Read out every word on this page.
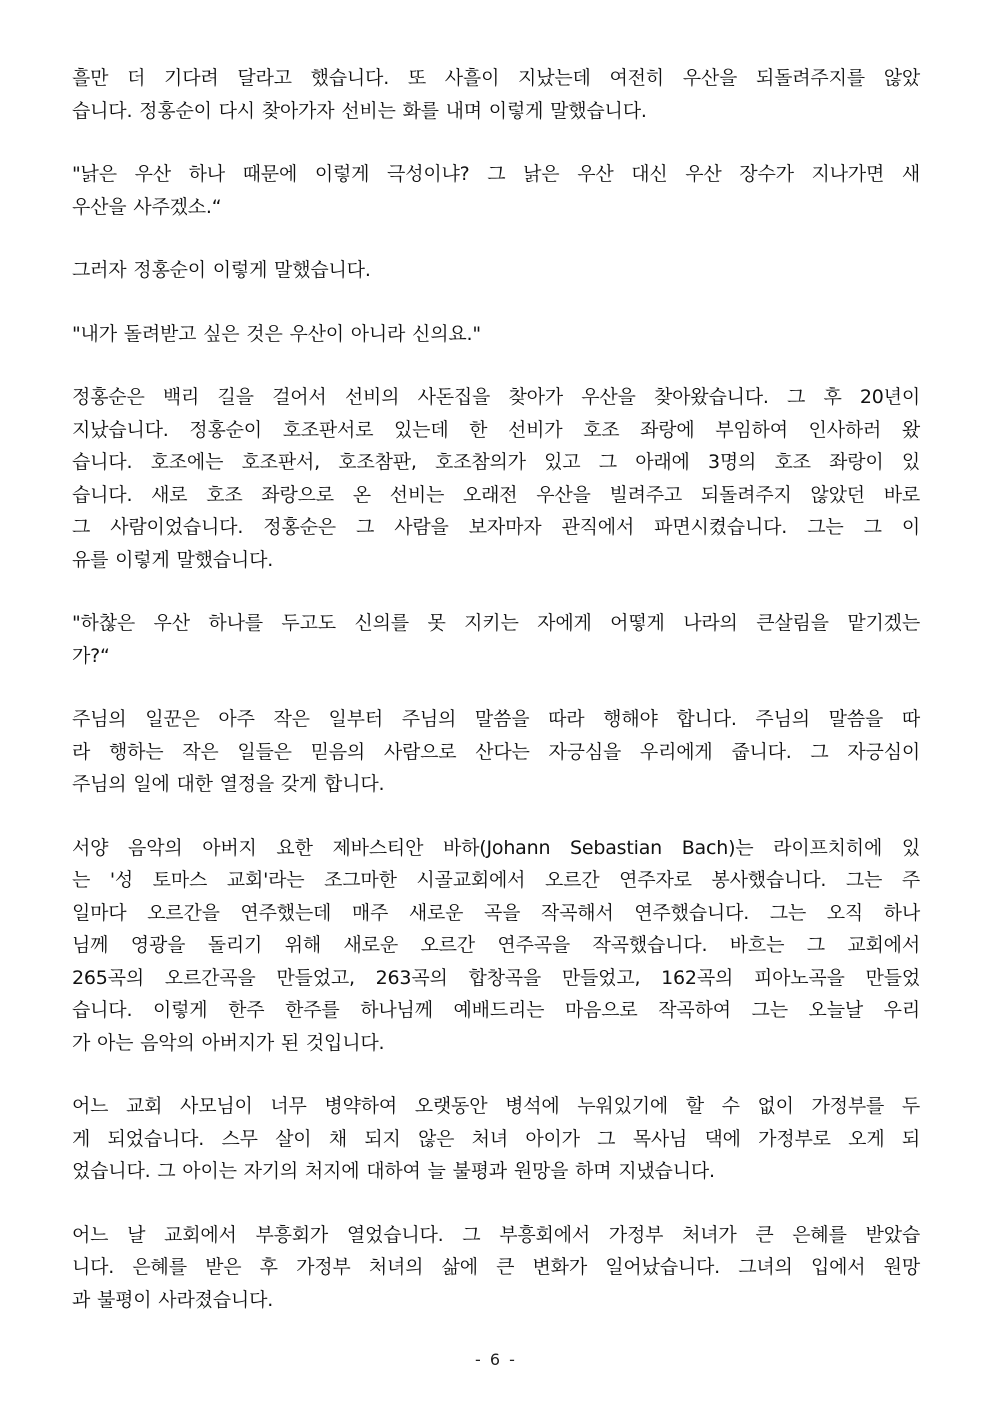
흘만 더 기다려 달라고 했습니다. 또 사흘이 지났는데 여전히 우산을 되돌려주지를 않았
습니다. 정홍순이 다시 찾아가자 선비는 화를 내며 이렇게 말했습니다.
"낡은 우산 하나 때문에 이렇게 극성이냐? 그 낡은 우산 대신 우산 장수가 지나가면 새
우산을 사주겠소.“
그러자 정홍순이 이렇게 말했습니다.
"내가 돌려받고 싶은 것은 우산이 아니라 신의요."
정홍순은 백리 길을 걸어서 선비의 사돈집을 찾아가 우산을 찾아왔습니다. 그 후 20년이
지났습니다. 정홍순이 호조판서로 있는데 한 선비가 호조 좌랑에 부임하여 인사하러 왔
습니다. 호조에는 호조판서, 호조참판, 호조참의가 있고 그 아래에 3명의 호조 좌랑이 있
습니다. 새로 호조 좌랑으로 온 선비는 오래전 우산을 빌려주고 되돌려주지 않았던 바로
그 사람이었습니다. 정홍순은 그 사람을 보자마자 관직에서 파면시켰습니다. 그는 그 이
유를 이렇게 말했습니다.
"하찮은 우산 하나를 두고도 신의를 못 지키는 자에게 어떻게 나라의 큰살림을 맡기겠는
가?“
주님의 일꾼은 아주 작은 일부터 주님의 말씀을 따라 행해야 합니다. 주님의 말씀을 따
라 행하는 작은 일들은 믿음의 사람으로 산다는 자긍심을 우리에게 줍니다. 그 자긍심이
주님의 일에 대한 열정을 갖게 합니다.
서양 음악의 아버지 요한 제바스티안 바하(Johann Sebastian Bach)는 라이프치히에 있
는 '성 토마스 교회'라는 조그마한 시골교회에서 오르간 연주자로 봉사했습니다. 그는 주
일마다 오르간을 연주했는데 매주 새로운 곡을 작곡해서 연주했습니다. 그는 오직 하나
님께 영광을 돌리기 위해 새로운 오르간 연주곡을 작곡했습니다. 바흐는 그 교회에서
265곡의 오르간곡을 만들었고, 263곡의 합창곡을 만들었고, 162곡의 피아노곡을 만들었
습니다. 이렇게 한주 한주를 하나님께 예배드리는 마음으로 작곡하여 그는 오늘날 우리
가 아는 음악의 아버지가 된 것입니다.
어느 교회 사모님이 너무 병약하여 오랫동안 병석에 누워있기에 할 수 없이 가정부를 두
게 되었습니다. 스무 살이 채 되지 않은 처녀 아이가 그 목사님 댁에 가정부로 오게 되
었습니다. 그 아이는 자기의 처지에 대하여 늘 불평과 원망을 하며 지냈습니다.
어느 날 교회에서 부흥회가 열었습니다. 그 부흥회에서 가정부 처녀가 큰 은혜를 받았습
니다. 은혜를 받은 후 가정부 처녀의 삶에 큰 변화가 일어났습니다. 그녀의 입에서 원망
과 불평이 사라졌습니다.
- 6 -
